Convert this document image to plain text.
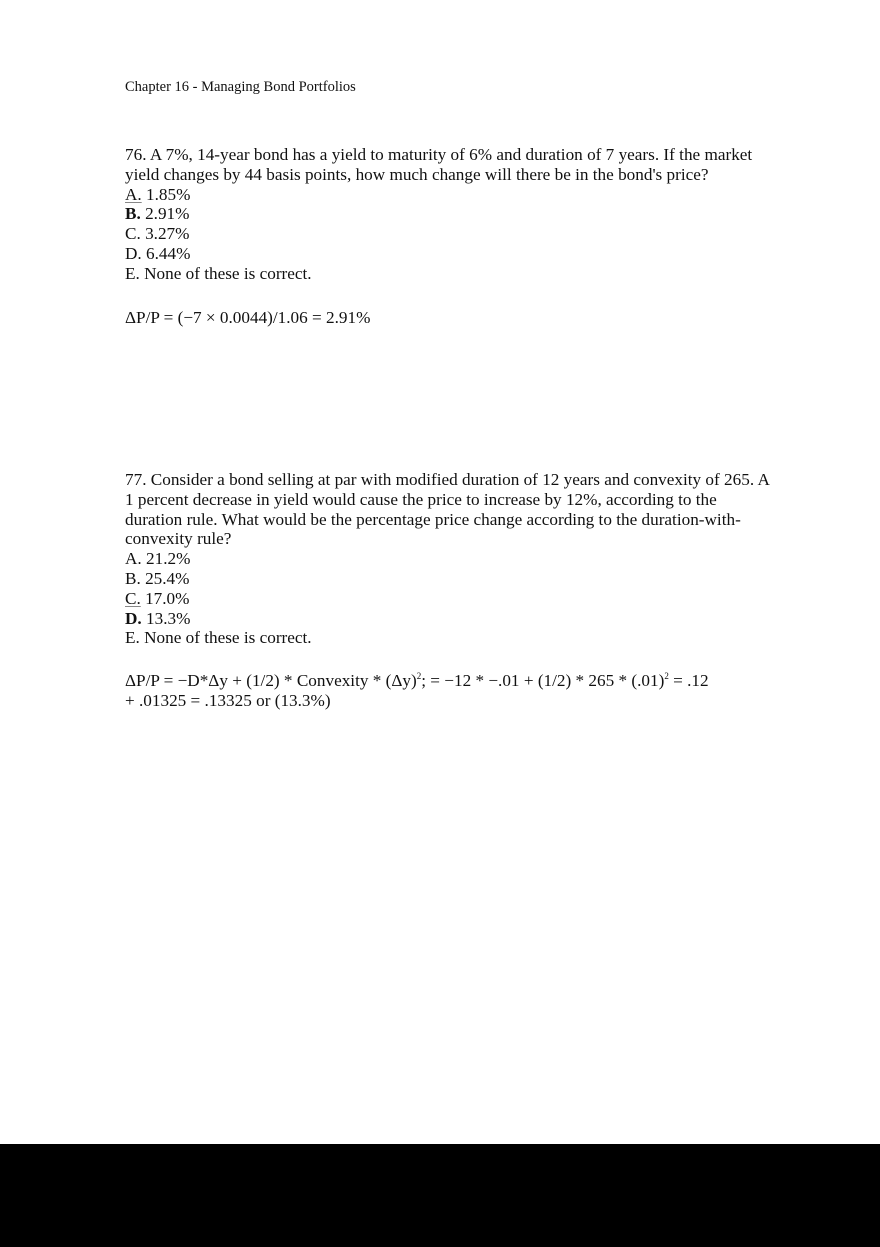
Chapter 16 - Managing Bond Portfolios
76. A 7%, 14-year bond has a yield to maturity of 6% and duration of 7 years. If the market
yield changes by 44 basis points, how much change will there be in the bond's price?
A. 1.85%
B. 2.91%
C. 3.27%
D. 6.44%
E. None of these is correct.
ΔP/P = (−7 × 0.0044)/1.06 = 2.91%
77. Consider a bond selling at par with modified duration of 12 years and convexity of 265. A
1 percent decrease in yield would cause the price to increase by 12%, according to the
duration rule. What would be the percentage price change according to the duration-with-
convexity rule?
A. 21.2%
B. 25.4%
C. 17.0%
D. 13.3%
E. None of these is correct.
ΔP/P = −D*Δy + (1/2) * Convexity * $(\Delta y)^2$; = $-12 * -.01 + (1/2) * 265 * (.01)^2 = .12$
+ .01325 = .13325 or (13.3%)
